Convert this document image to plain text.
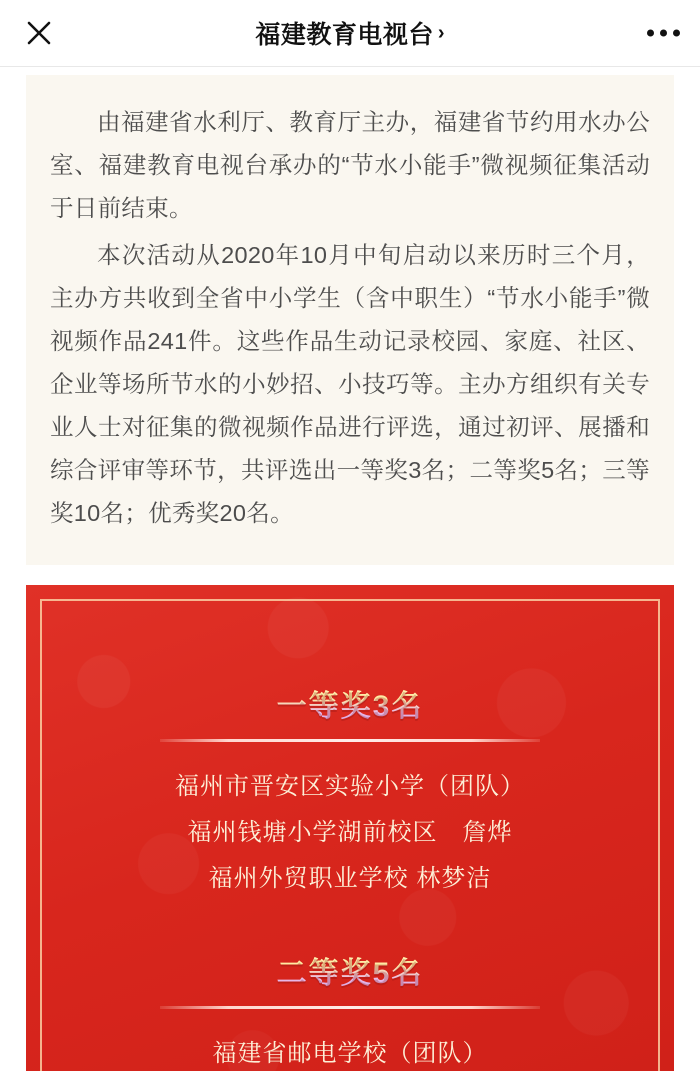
福建教育电视台 ›

由福建省水利厅、教育厅主办，福建省节约用水办公室、福建教育电视台承办的“节水小能手”微视频征集活动于日前结束。

本次活动从2020年10月中旬启动以来历时三个月，主办方共收到全省中小学生（含中职生）“节水小能手”微视频作品241件。这些作品生动记录校园、家庭、社区、企业等场所节水的小妙招、小技巧等。主办方组织有关专业人士对征集的微视频作品进行评选，通过初评、展播和综合评审等环节，共评选出一等奖3名；二等奖5名；三等奖10名；优秀奖20名。

一等奖3名
福州市晋安区实验小学（团队）
福州钱塘小学湖前校区　詹烨
福州外贸职业学校 林梦洁
二等奖5名
福建省邮电学校（团队）
